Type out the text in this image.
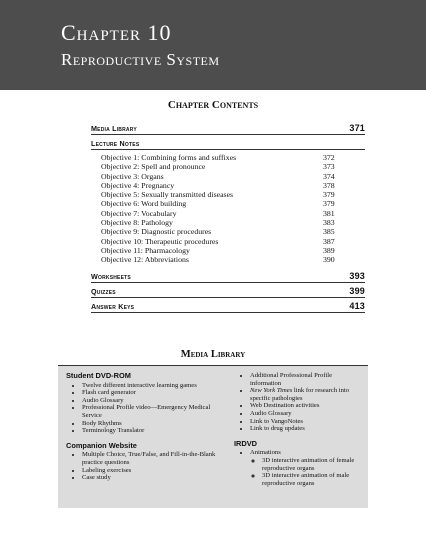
Chapter 10
Reproductive System
Chapter Contents
Media Library	371
Lecture Notes
Objective 1: Combining forms and suffixes	372
Objective 2: Spell and pronounce	373
Objective 3: Organs	374
Objective 4: Pregnancy	378
Objective 5: Sexually transmitted diseases	379
Objective 6: Word building	379
Objective 7: Vocabulary	381
Objective 8: Pathology	383
Objective 9: Diagnostic procedures	385
Objective 10: Therapeutic procedures	387
Objective 11: Pharmacology	389
Objective 12: Abbreviations	390
Worksheets	393
Quizzes	399
Answer Keys	413
Media Library
Student DVD-ROM
• Twelve different interactive learning games
• Flash card generator
• Audio Glossary
• Professional Profile video—Emergency Medical Service
• Body Rhythms
• Terminology Translator
Companion Website
• Multiple Choice, True/False, and Fill-in-the-Blank practice questions
• Labeling exercises
• Case study
• Additional Professional Profile information
• New York Times link for research into specific pathologies
• Web Destination activities
• Audio Glossary
• Link to VangoNotes
• Link to drug updates
IRDVD
• Animations
◦ 3D interactive animation of female reproductive organs
◦ 3D interactive animation of male reproductive organs
